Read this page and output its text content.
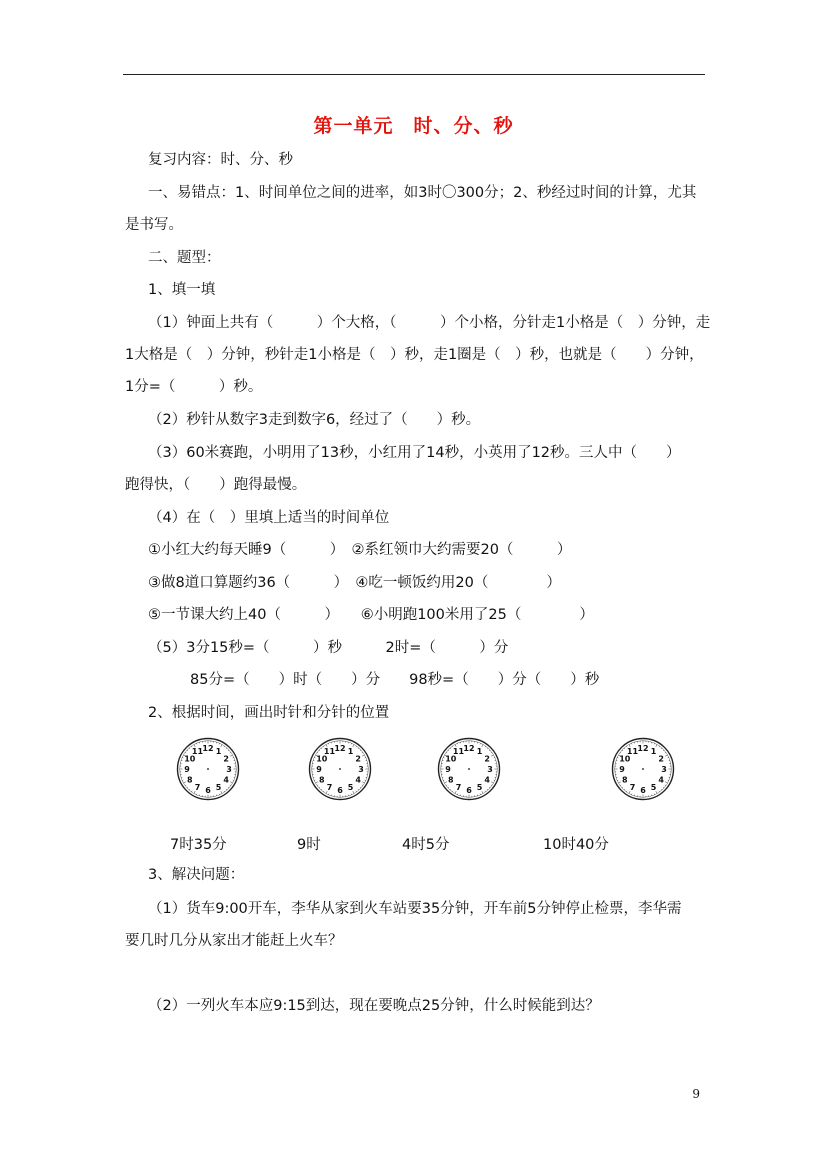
第一单元　时、分、秒
复习内容：时、分、秒
一、易错点：1、时间单位之间的进率，如3时〇300分；2、秒经过时间的计算，尤其
是书写。
二、题型：
1、填一填
（1）钟面上共有（　　　）个大格，（　　　）个小格，分针走1小格是（　）分钟，走
1大格是（　）分钟，秒针走1小格是（　）秒，走1圈是（　）秒，也就是（　　）分钟，
1分=（　　　）秒。
（2）秒针从数字3走到数字6，经过了（　　）秒。
（3）60米赛跑，小明用了13秒，小红用了14秒，小英用了12秒。三人中（　　）
跑得快，（　　）跑得最慢。
（4）在（　）里填上适当的时间单位
①小红大约每天睡9（　　　）　②系红领巾大约需要20（　　　）
③做8道口算题约36（　　　）　④吃一顿饭约用20（　　　　）
⑤一节课大约上40（　　　）　　⑥小明跑100米用了25（　　　　）
（5）3分15秒=（　　　）秒　　　2时=（　　　）分
85分=（　　）时（　　）分　　98秒=（　　）分（　　）秒
2、根据时间，画出时针和分针的位置
12 1
2
3
4
5
6
7
8
9
10
11	12 1
2
3
4
5
6
7
8
9
10
11	12 1
2
3
4
5
6
7
8
9
10
11	12 1
2
3
4
5
6
7
8
9
10
11
7时35分	9时	4时5分	10时40分
3、解决问题：
（1）货车9:00开车，李华从家到火车站要35分钟，开车前5分钟停止检票，李华需
要几时几分从家出才能赶上火车？
（2）一列火车本应9:15到达，现在要晚点25分钟，什么时候能到达？
9
